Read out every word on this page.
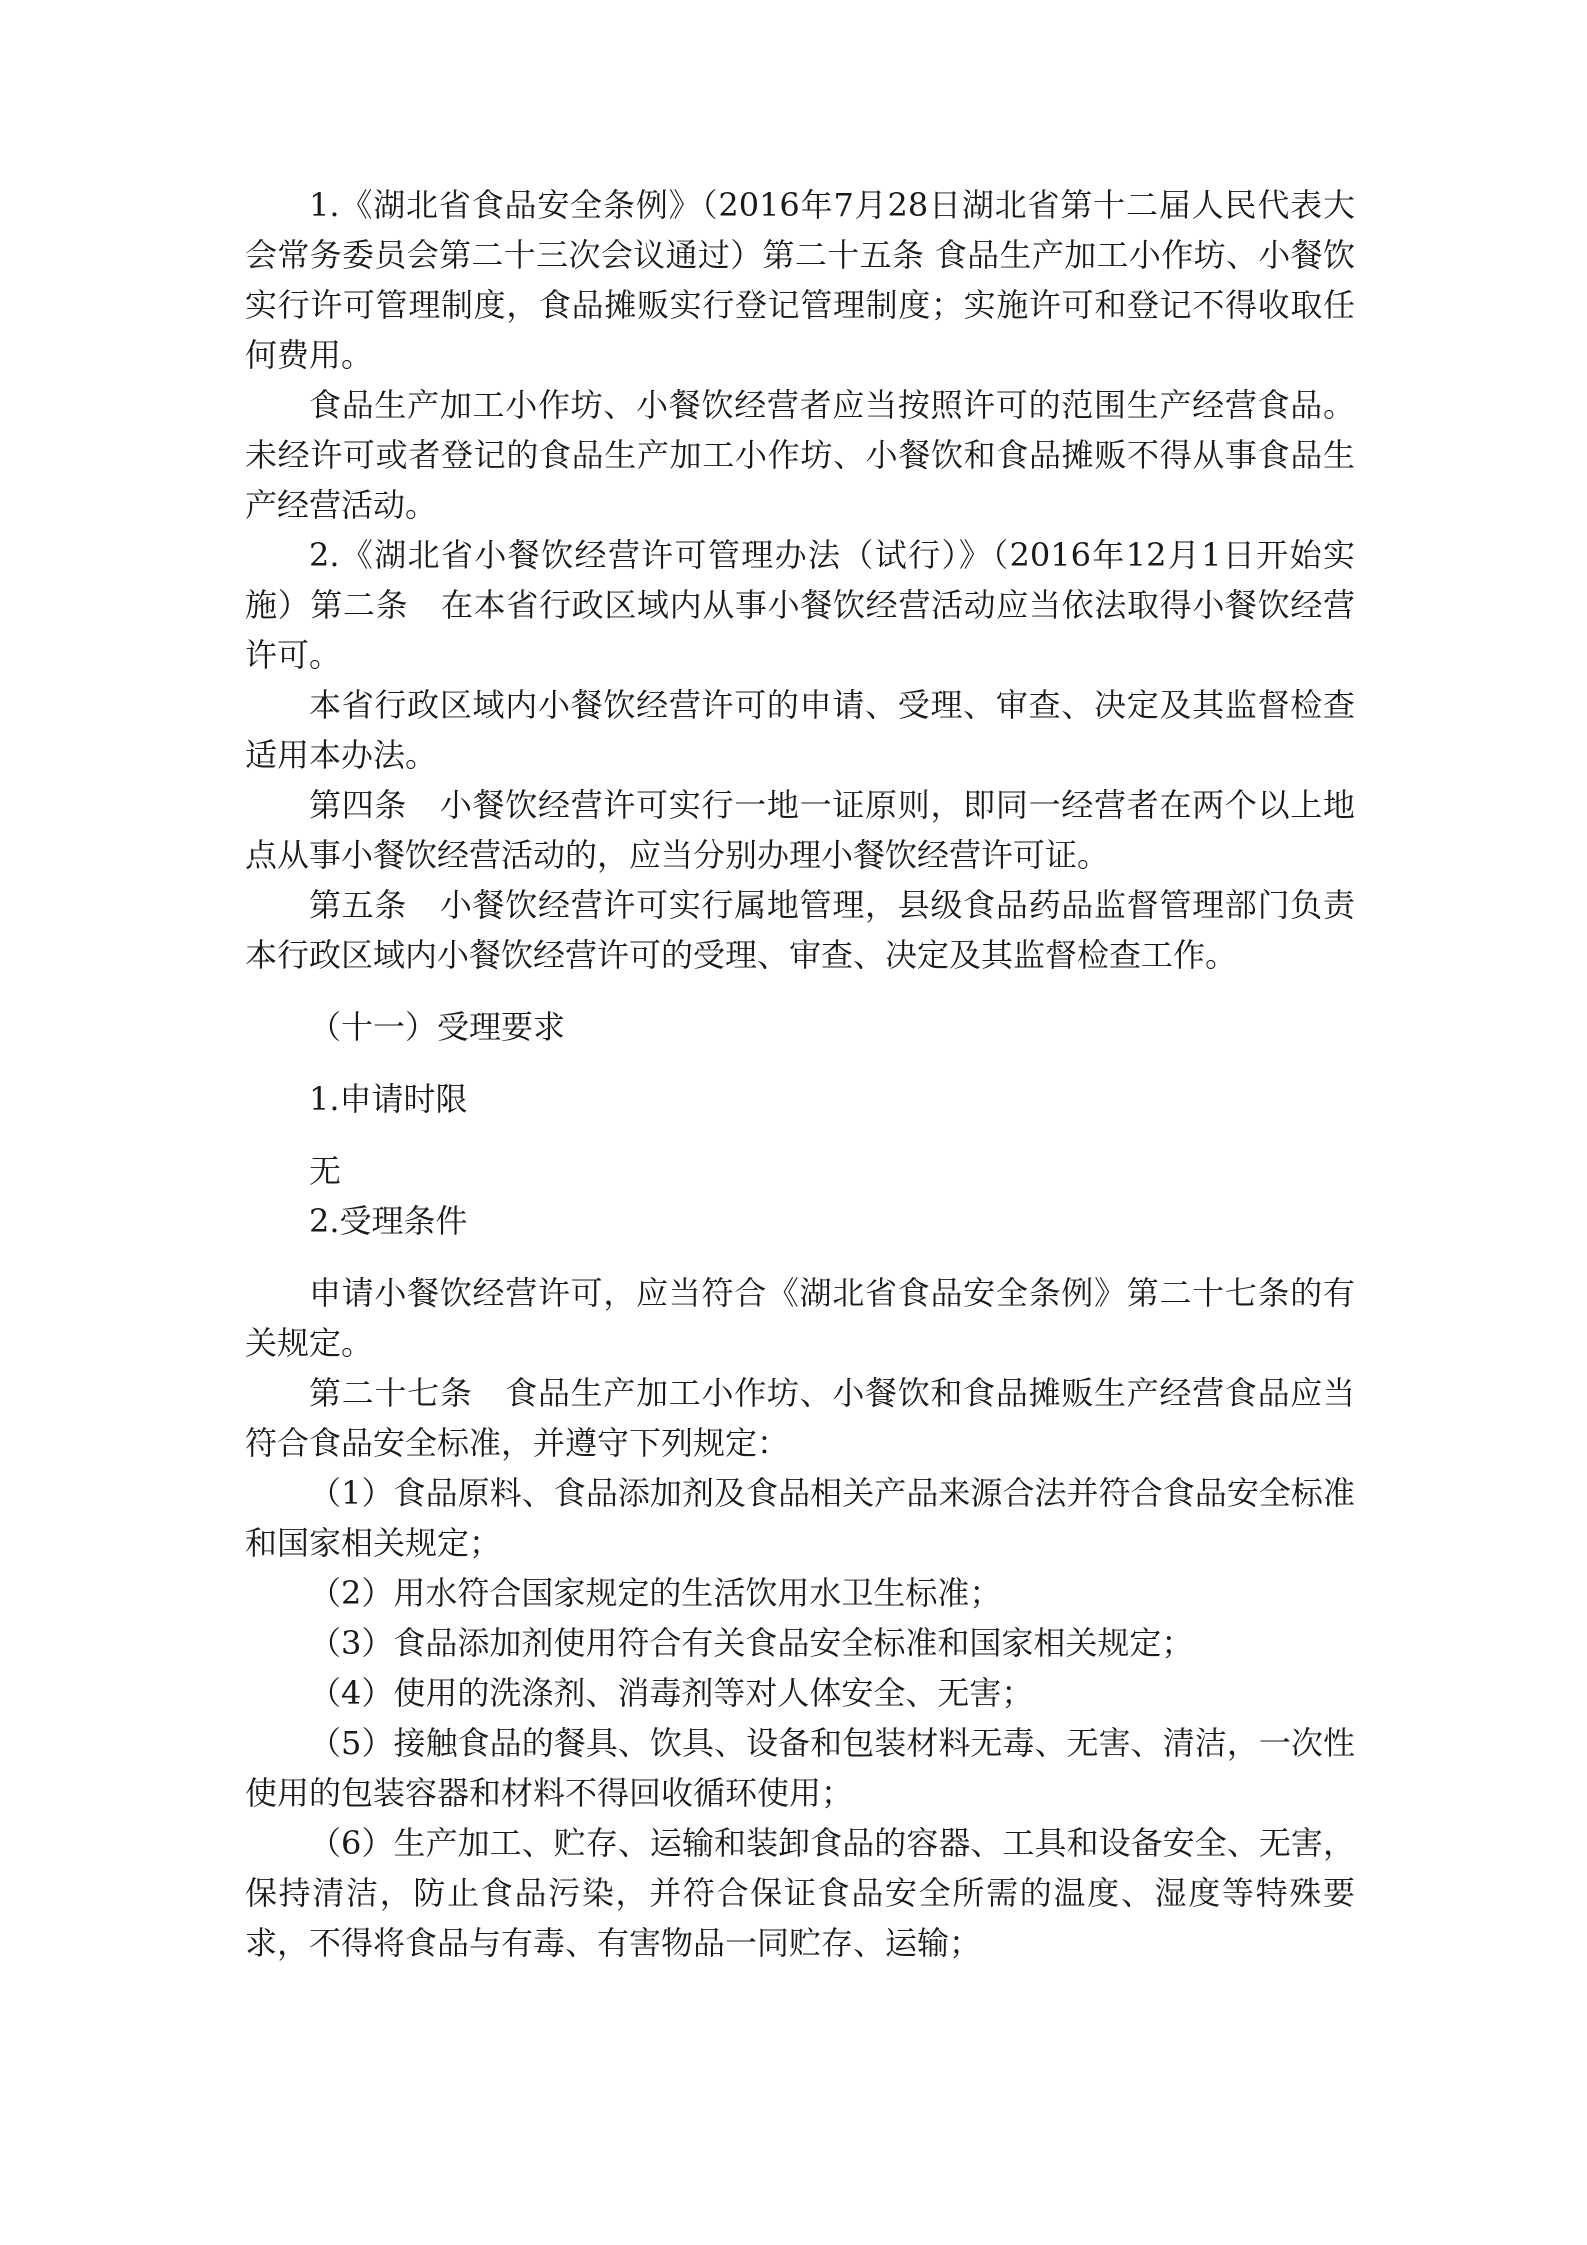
1.《湖北省食品安全条例》（2016年7月28日湖北省第十二届人民代表大会常务委员会第二十三次会议通过）第二十五条 食品生产加工小作坊、小餐饮实行许可管理制度，食品摊贩实行登记管理制度；实施许可和登记不得收取任何费用。

食品生产加工小作坊、小餐饮经营者应当按照许可的范围生产经营食品。未经许可或者登记的食品生产加工小作坊、小餐饮和食品摊贩不得从事食品生产经营活动。

2.《湖北省小餐饮经营许可管理办法（试行）》（2016年12月1日开始实施）第二条　在本省行政区域内从事小餐饮经营活动应当依法取得小餐饮经营许可。

本省行政区域内小餐饮经营许可的申请、受理、审查、决定及其监督检查适用本办法。

第四条　小餐饮经营许可实行一地一证原则，即同一经营者在两个以上地点从事小餐饮经营活动的，应当分别办理小餐饮经营许可证。

第五条　小餐饮经营许可实行属地管理，县级食品药品监督管理部门负责本行政区域内小餐饮经营许可的受理、审查、决定及其监督检查工作。

（十一）受理要求

1.申请时限

无

2.受理条件

申请小餐饮经营许可，应当符合《湖北省食品安全条例》第二十七条的有关规定。

第二十七条　食品生产加工小作坊、小餐饮和食品摊贩生产经营食品应当符合食品安全标准，并遵守下列规定：

（1）食品原料、食品添加剂及食品相关产品来源合法并符合食品安全标准和国家相关规定；

（2）用水符合国家规定的生活饮用水卫生标准；

（3）食品添加剂使用符合有关食品安全标准和国家相关规定；

（4）使用的洗涤剂、消毒剂等对人体安全、无害；

（5）接触食品的餐具、饮具、设备和包装材料无毒、无害、清洁，一次性使用的包装容器和材料不得回收循环使用；

（6）生产加工、贮存、运输和装卸食品的容器、工具和设备安全、无害，保持清洁，防止食品污染，并符合保证食品安全所需的温度、湿度等特殊要求，不得将食品与有毒、有害物品一同贮存、运输；
